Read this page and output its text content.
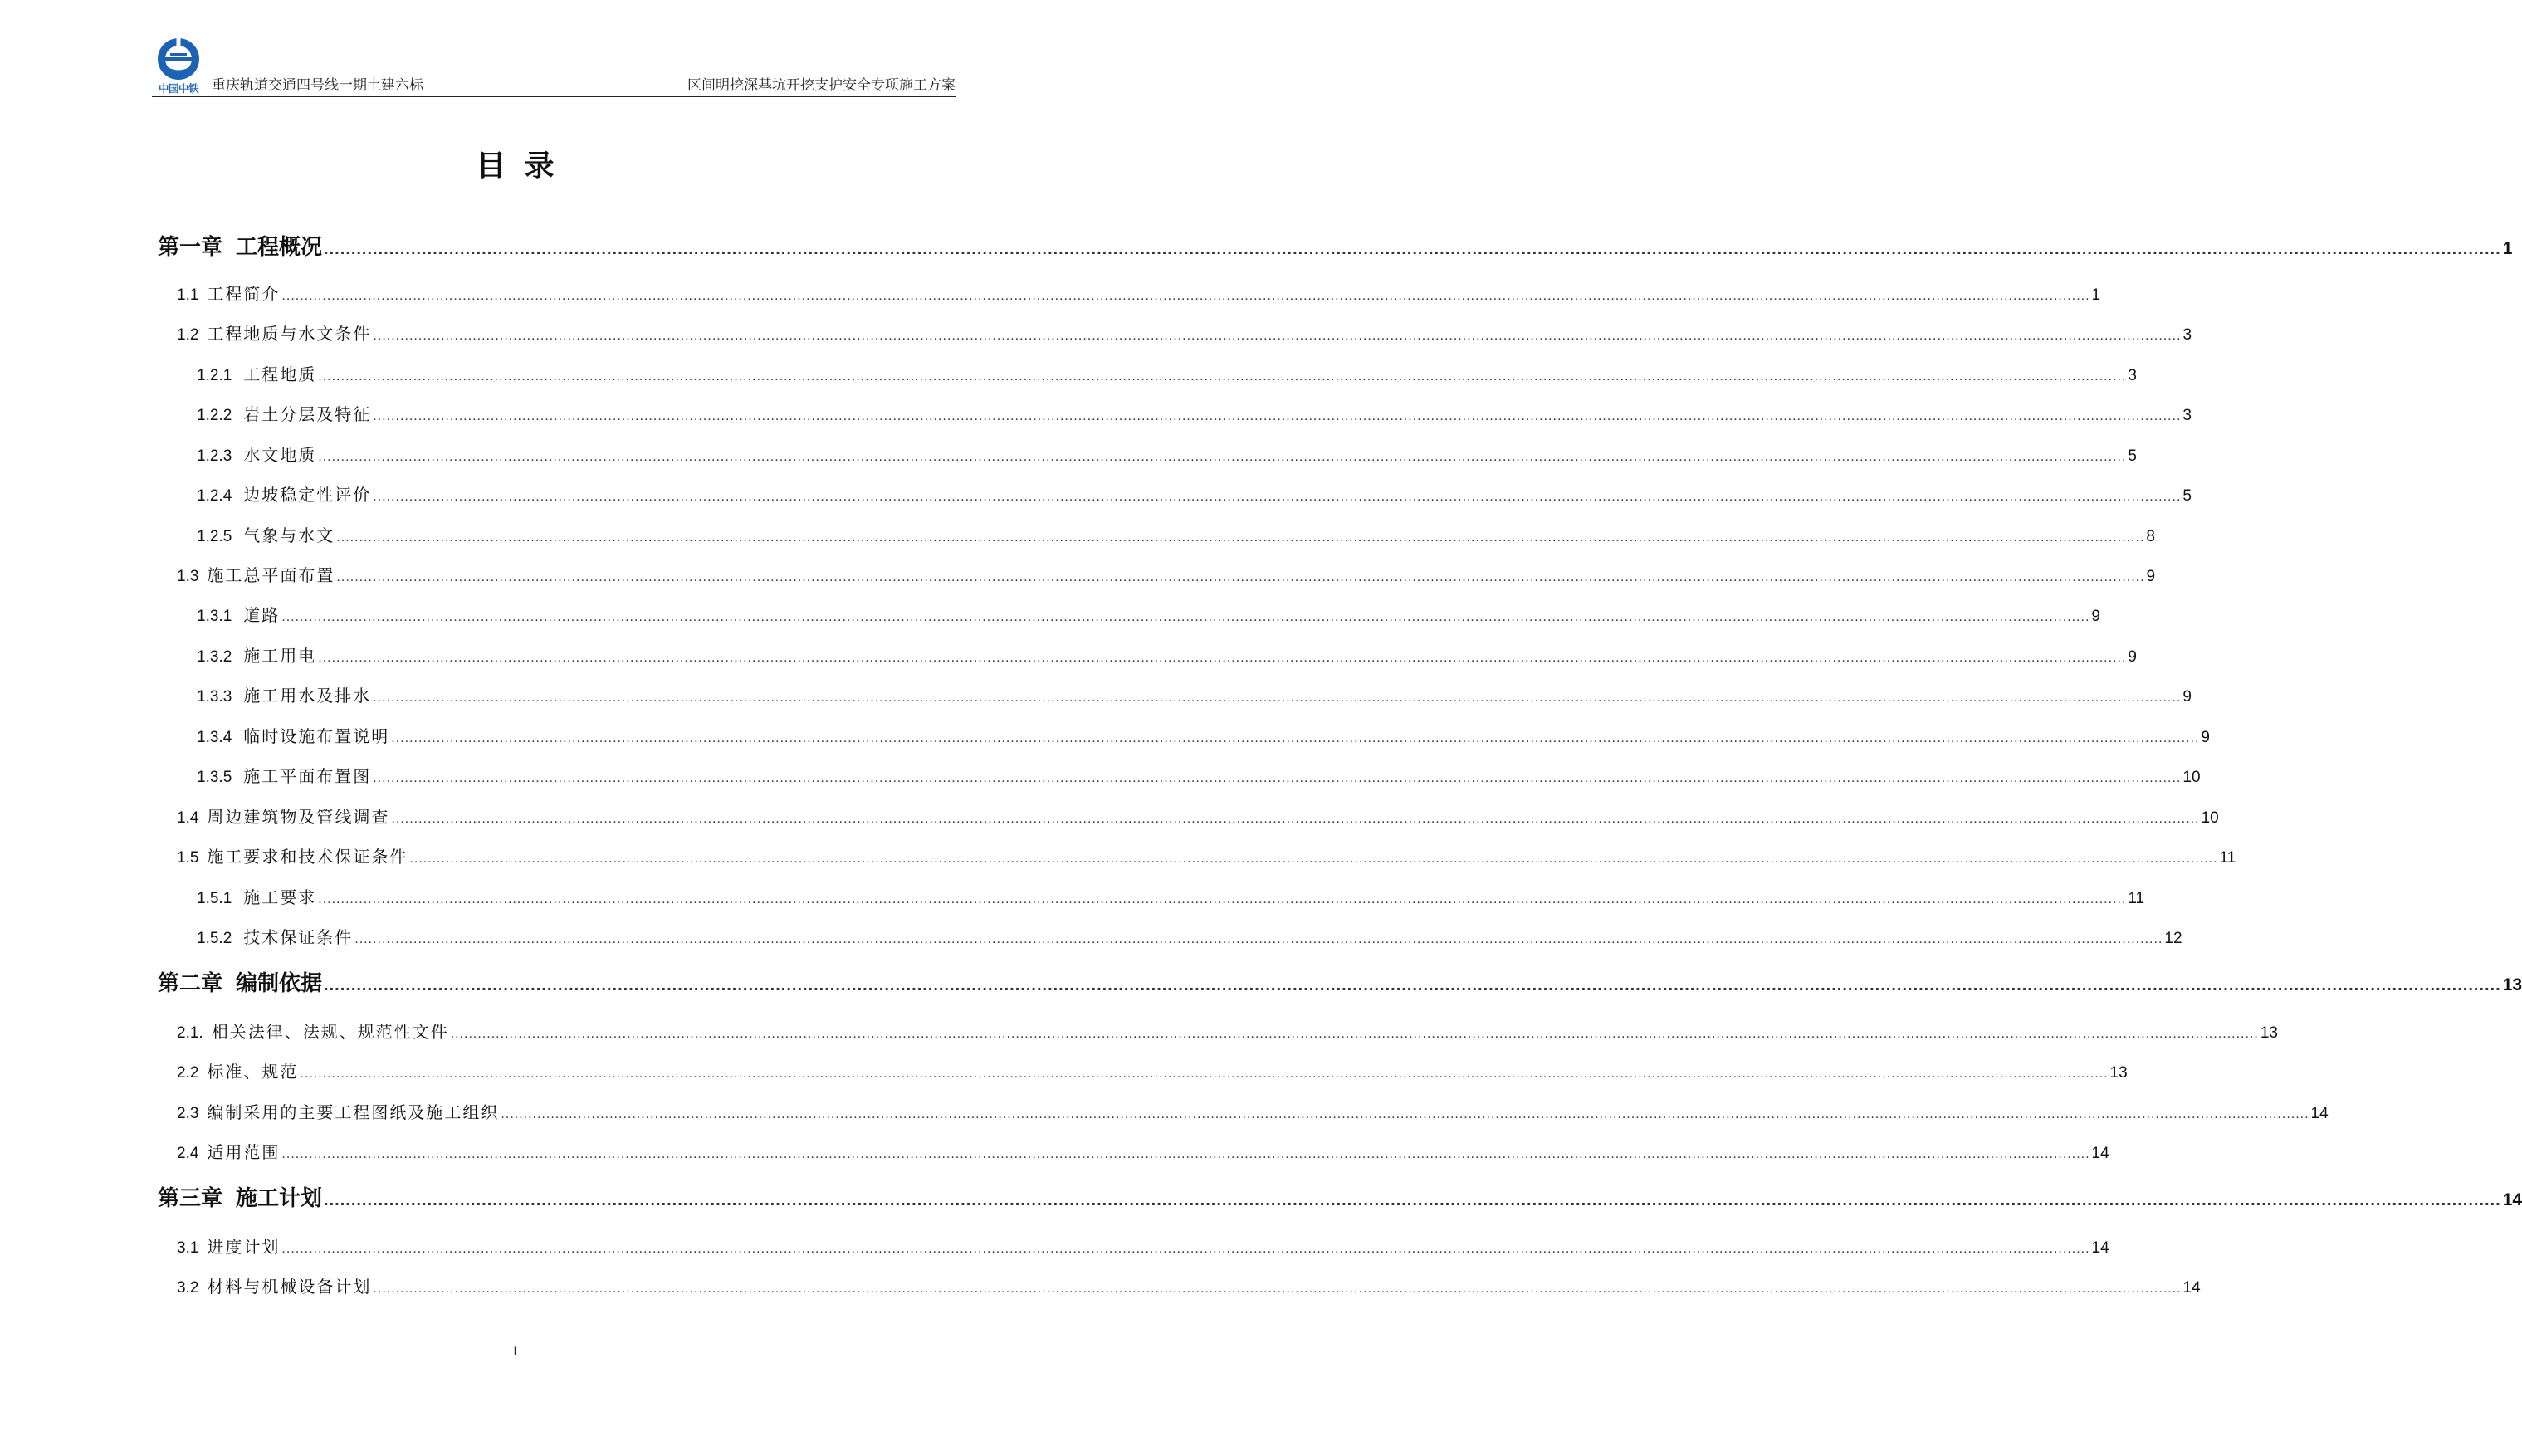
中国中铁 重庆轨道交通四号线一期土建六标	区间明挖深基坑开挖支护安全专项施工方案
目录
第一章 工程概况 ................................................................................................................................................................................................................................................................................................................................................................................................................ 1
1.1 工程简介 ................................................................................................................................................................................................................................................................................................................................................................................................................ 1
1.2 工程地质与水文条件 ................................................................................................................................................................................................................................................................................................................................................................................................................ 3
1.2.1 工程地质 ................................................................................................................................................................................................................................................................................................................................................................................................................ 3
1.2.2 岩土分层及特征 ................................................................................................................................................................................................................................................................................................................................................................................................................ 3
1.2.3 水文地质 ................................................................................................................................................................................................................................................................................................................................................................................................................ 5
1.2.4 边坡稳定性评价 ................................................................................................................................................................................................................................................................................................................................................................................................................ 5
1.2.5 气象与水文 ................................................................................................................................................................................................................................................................................................................................................................................................................ 8
1.3 施工总平面布置 ................................................................................................................................................................................................................................................................................................................................................................................................................ 9
1.3.1 道路 ................................................................................................................................................................................................................................................................................................................................................................................................................ 9
1.3.2 施工用电 ................................................................................................................................................................................................................................................................................................................................................................................................................ 9
1.3.3 施工用水及排水 ................................................................................................................................................................................................................................................................................................................................................................................................................ 9
1.3.4 临时设施布置说明 ................................................................................................................................................................................................................................................................................................................................................................................................................ 9
1.3.5 施工平面布置图 ................................................................................................................................................................................................................................................................................................................................................................................................................ 10
1.4 周边建筑物及管线调查 ................................................................................................................................................................................................................................................................................................................................................................................................................ 10
1.5 施工要求和技术保证条件 ................................................................................................................................................................................................................................................................................................................................................................................................................ 11
1.5.1 施工要求 ................................................................................................................................................................................................................................................................................................................................................................................................................ 11
1.5.2 技术保证条件 ................................................................................................................................................................................................................................................................................................................................................................................................................ 12
第二章 编制依据 ................................................................................................................................................................................................................................................................................................................................................................................................................ 13
2.1. 相关法律、法规、规范性文件 ................................................................................................................................................................................................................................................................................................................................................................................................................ 13
2.2 标准、规范 ................................................................................................................................................................................................................................................................................................................................................................................................................ 13
2.3 编制采用的主要工程图纸及施工组织 ................................................................................................................................................................................................................................................................................................................................................................................................................ 14
2.4 适用范围 ................................................................................................................................................................................................................................................................................................................................................................................................................ 14
第三章 施工计划 ................................................................................................................................................................................................................................................................................................................................................................................................................ 14
3.1 进度计划 ................................................................................................................................................................................................................................................................................................................................................................................................................ 14
3.2 材料与机械设备计划 ................................................................................................................................................................................................................................................................................................................................................................................................................ 14
I
